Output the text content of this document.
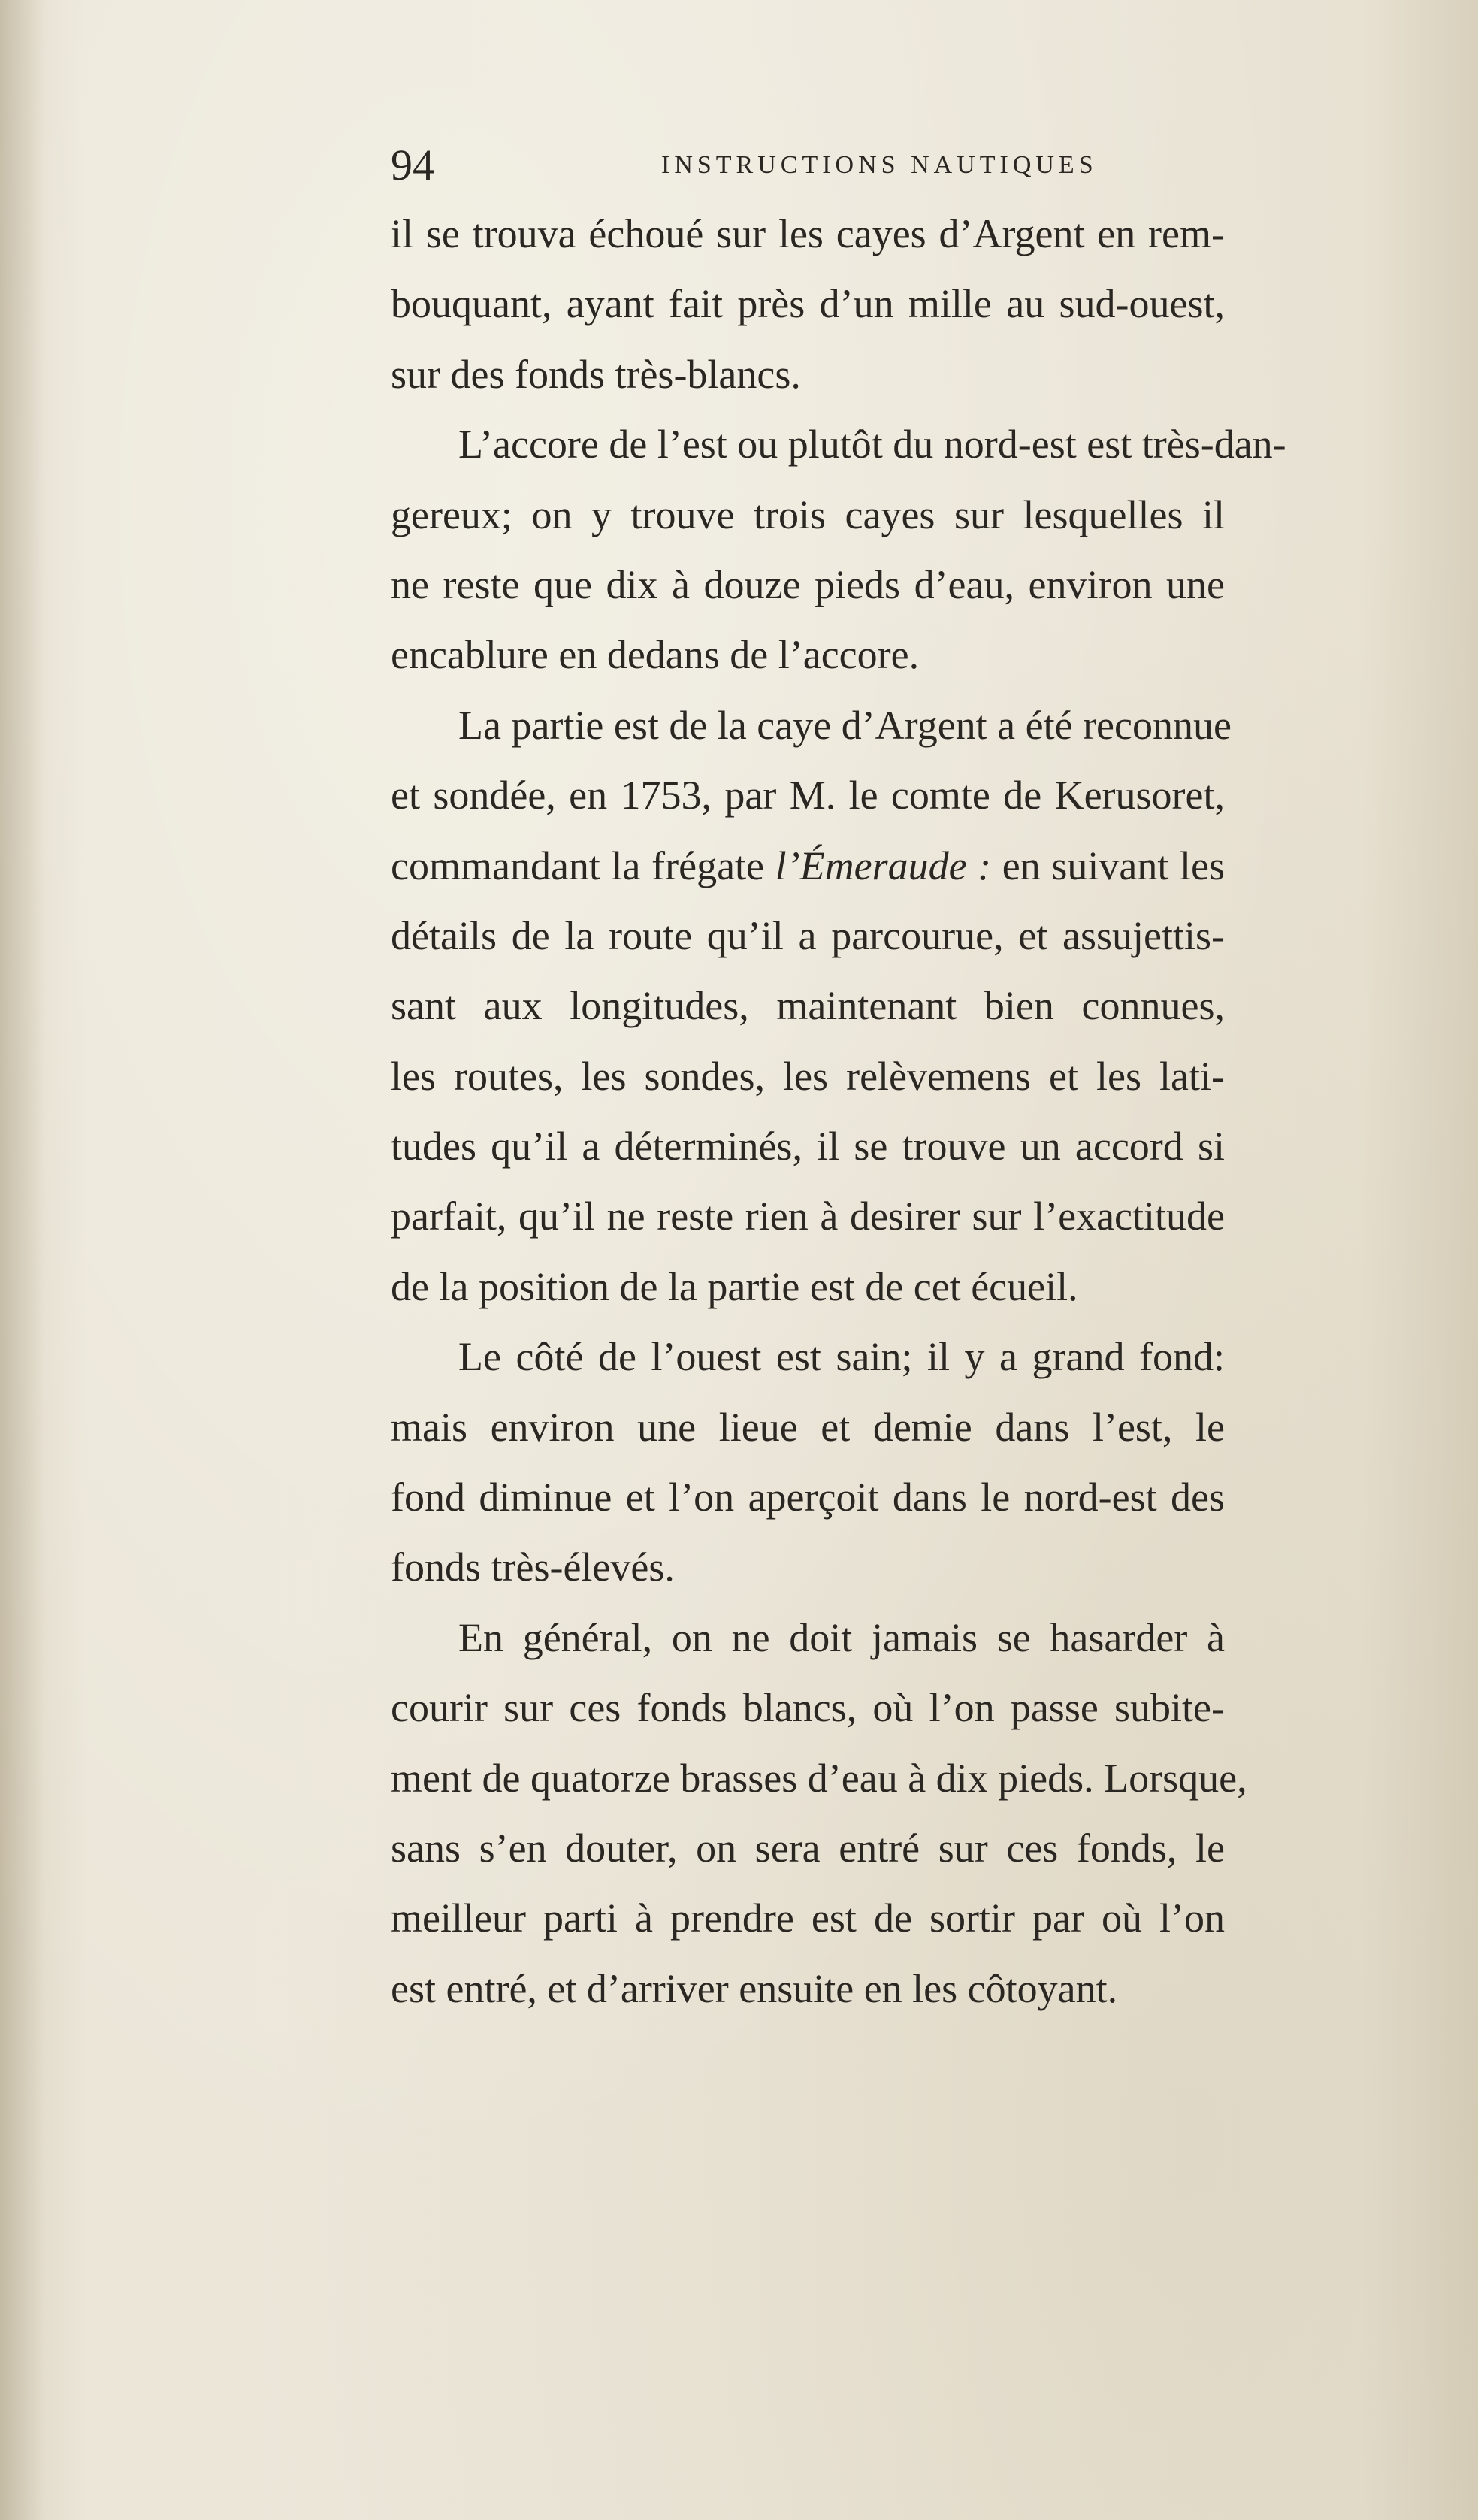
94	INSTRUCTIONS NAUTIQUES
il se trouva échoué sur les cayes d’Argent en rem-
bouquant, ayant fait près d’un mille au sud-ouest,
sur des fonds très-blancs.
L’accore de l’est ou plutôt du nord-est est très-dan-
gereux; on y trouve trois cayes sur lesquelles il
ne reste que dix à douze pieds d’eau, environ une
encablure en dedans de l’accore.
La partie est de la caye d’Argent a été reconnue
et sondée, en 1753, par M. le comte de Kerusoret,
commandant la frégate l’Émeraude : en suivant les
détails de la route qu’il a parcourue, et assujettis-
sant aux longitudes, maintenant bien connues,
les routes, les sondes, les relèvemens et les lati-
tudes qu’il a déterminés, il se trouve un accord si
parfait, qu’il ne reste rien à desirer sur l’exactitude
de la position de la partie est de cet écueil.
Le côté de l’ouest est sain; il y a grand fond:
mais environ une lieue et demie dans l’est, le
fond diminue et l’on aperçoit dans le nord-est des
fonds très-élevés.
En général, on ne doit jamais se hasarder à
courir sur ces fonds blancs, où l’on passe subite-
ment de quatorze brasses d’eau à dix pieds. Lorsque,
sans s’en douter, on sera entré sur ces fonds, le
meilleur parti à prendre est de sortir par où l’on
est entré, et d’arriver ensuite en les côtoyant.
